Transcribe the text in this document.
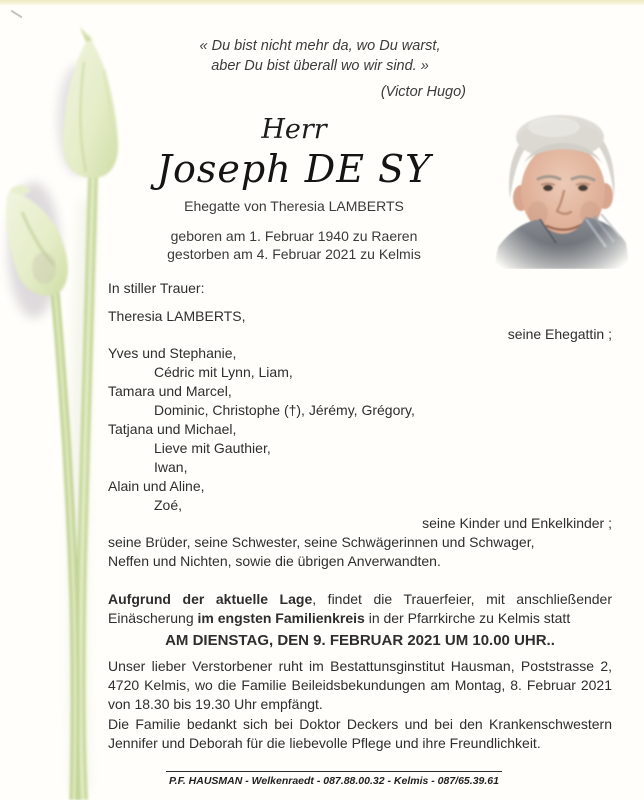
« Du bist nicht mehr da, wo Du warst,
aber Du bist überall wo wir sind. »
(Victor Hugo)
Herr
Joseph DE SY
Ehegatte von Theresia LAMBERTS
geboren am 1. Februar 1940 zu Raeren
gestorben am 4. Februar 2021 zu Kelmis
In stiller Trauer:
Theresia LAMBERTS,
seine Ehegattin ;
Yves und Stephanie,
Cédric mit Lynn, Liam,
Tamara und Marcel,
Dominic, Christophe (†), Jérémy, Grégory,
Tatjana und Michael,
Lieve mit Gauthier,
Iwan,
Alain und Aline,
Zoé,
seine Kinder und Enkelkinder ;
seine Brüder, seine Schwester, seine Schwägerinnen und Schwager,
Neffen und Nichten, sowie die übrigen Anverwandten.
Aufgrund der aktuelle Lage, findet die Trauerfeier, mit anschließender Einäscherung im engsten Familienkreis in der Pfarrkirche zu Kelmis statt
AM DIENSTAG, DEN 9. FEBRUAR 2021 UM 10.00 UHR..
Unser lieber Verstorbener ruht im Bestattunsginstitut Hausman, Poststrasse 2, 4720 Kelmis, wo die Familie Beileidsbekundungen am Montag, 8. Februar 2021 von 18.30 bis 19.30 Uhr empfängt.
Die Familie bedankt sich bei Doktor Deckers und bei den Krankenschwestern Jennifer und Deborah für die liebevolle Pflege und ihre Freundlichkeit.
P.F. HAUSMAN - Welkenraedt - 087.88.00.32 - Kelmis - 087/65.39.61
